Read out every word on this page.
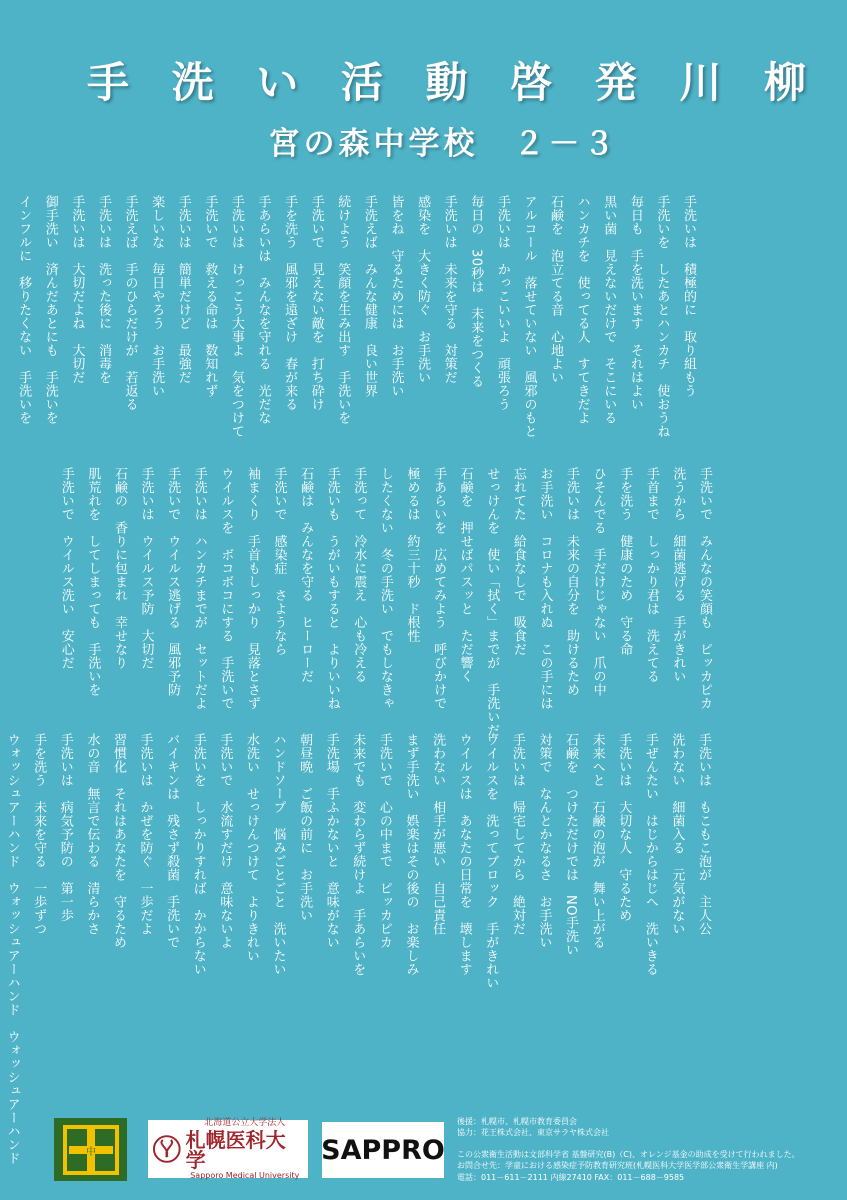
手 洗 い 活 動 啓 発 川 柳
宮の森中学校　２－３
手洗いは　積極的に　取り組もう
手洗いを　したあとハンカチ　使おうね
毎日も　手を洗います　それはよい
黒い菌　見えないだけで　そこにいる
ハンカチを　使ってる人　すてきだよ
石鹸を　泡立てる音　心地よい
アルコール　落せていない　風邪のもと
手洗いは　かっこいいよ　頑張ろう
毎日の　30秒は　未来をつくる
手洗いは　未来を守る　対策だ
感染を　大きく防ぐ　お手洗い
皆をね　守るためには　お手洗い
手洗えば　みんな健康　良い世界
続けよう　笑顔を生み出す　手洗いを
手洗いで　見えない敵を　打ち砕け
手を洗う　風邪を遠ざけ　春が来る
手あらいは　みんなを守れる　光だな
手洗いは　けっこう大事よ　気をつけて
手洗いで　救える命は　数知れず
手洗いは　簡単だけど　最強だ
楽しいな　毎日やろう　お手洗い
手洗えば　手のひらだけが　若返る
手洗いは　洗った後に　消毒を
手洗いは　大切だよね　大切だ
御手洗い　済んだあとにも　手洗いを
インフルに　移りたくない　手洗いを
手洗いで　みんなの笑顔も　ピッカピカ
洗うから　細菌逃げる　手がきれい
手首まで　しっかり君は　洗えてる
手を洗う　健康のため　守る命
ひそんでる　手だけじゃない　爪の中
手洗いは　未来の自分を　助けるため
お手洗い　コロナも入れぬ　この手には
忘れてた　給食なしで　吸食だ
せっけんを　使い「拭く」までが　手洗いだ
石鹸を　押せばパスッと　ただ響く
手あらいを　広めてみよう　呼びかけで
極めるは　約三十秒　ド根性
したくない　冬の手洗い　でもしなきゃ
手洗って　冷水に震え　心も冷える
手洗いも　うがいもすると　よりいいね
石鹸は　みんなを守る　ヒーローだ
手洗いで　感染症　さようなら
袖まくり　手首もしっかり　見落とさず
ウイルスを　ボコボコにする　手洗いで
手洗いは　ハンカチまでが　セットだよ
手洗いで　ウイルス逃げる　風邪予防
手洗いは　ウイルス予防　大切だ
石鹸の　香りに包まれ　幸せなり
肌荒れを　してしまっても　手洗いを
手洗いで　ウイルス洗い　安心だ
手洗いは　もこもこ泡が　主人公
洗わない　細菌入る　元気がない
手ぜんたい　はじからはじへ　洗いきる
手洗いは　大切な人　守るため
未来へと　石鹸の泡が　舞い上がる
石鹸を　つけただけでは　NO手洗い
対策で　なんとかなるさ　お手洗い
手洗いは　帰宅してから　絶対だ
ウイルスを　洗ってブロック　手がきれい
ウイルスは　あなたの日常を　壊します
洗わない　相手が悪い　自己責任
まず手洗い　娯楽はその後の　お楽しみ
手洗いで　心の中まで　ピッカピカ
未来でも　変わらず続けよ　手あらいを
手洗場　手ふかないと　意味がない
朝昼晩　ご飯の前に　お手洗い
ハンドソープ　悩みごとごと　洗いたい
水洗い　せっけんつけて　よりきれい
手洗いで　水流すだけ　意味ないよ
手洗いを　しっかりすれば　かからない
バイキンは　残さず殺菌　手洗いで
手洗いは　かぜを防ぐ　一歩だよ
習慣化　それはあなたを　守るため
水の音　無言で伝わる　清らかさ
手洗いは　病気予防の　第一歩
手を洗う　未来を守る　一歩ずつ
ウォッシュアーハンド　ウォッシュアーハンド　ウォッシュアーハンド	中
北海道公立大学法人
札幌医科大学
Sapporo Medical University
SAPP RO
後援：札幌市、札幌市教育委員会
協力：花王株式会社、東京サラヤ株式会社
この公衆衛生活動は文部科学省 基盤研究(B)（C)、オレンジ基金の助成を受けて行われました。
お問合せ先：学童における感染症予防教育研究班(札幌医科大学医学部公衆衛生学講座 内)
電話：011－611－2111 内線27410 FAX：011－688－9585
